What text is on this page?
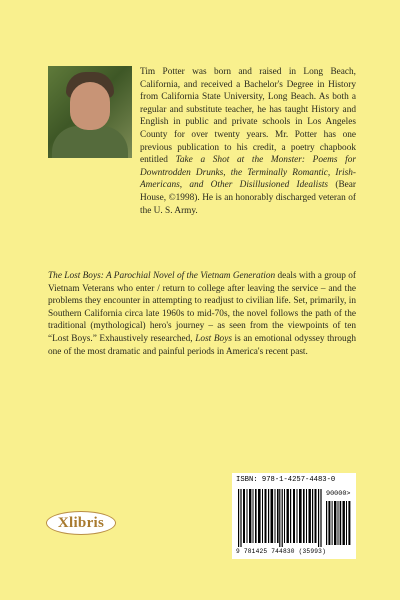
Tim Potter was born and raised in Long Beach, California, and received a Bachelor's Degree in History from California State University, Long Beach. As both a regular and substitute teacher, he has taught History and English in public and private schools in Los Angeles County for over twenty years. Mr. Potter has one previous publication to his credit, a poetry chapbook entitled Take a Shot at the Monster: Poems for Downtrodden Drunks, the Terminally Romantic, Irish-Americans, and Other Disillusioned Idealists (Bear House, ©1998). He is an honorably discharged veteran of the U. S. Army.

The Lost Boys: A Parochial Novel of the Vietnam Generation deals with a group of Vietnam Veterans who enter / return to college after leaving the service – and the problems they encounter in attempting to readjust to civilian life. Set, primarily, in Southern California circa late 1960s to mid-70s, the novel follows the path of the traditional (mythological) hero's journey – as seen from the viewpoints of ten “Lost Boys.” Exhaustively researched, Lost Boys is an emotional odyssey through one of the most dramatic and painful periods in America's recent past.

Xlibris
ISBN: 978-1-4257-4483-0
90000>
9 781425 744830 (35993)
